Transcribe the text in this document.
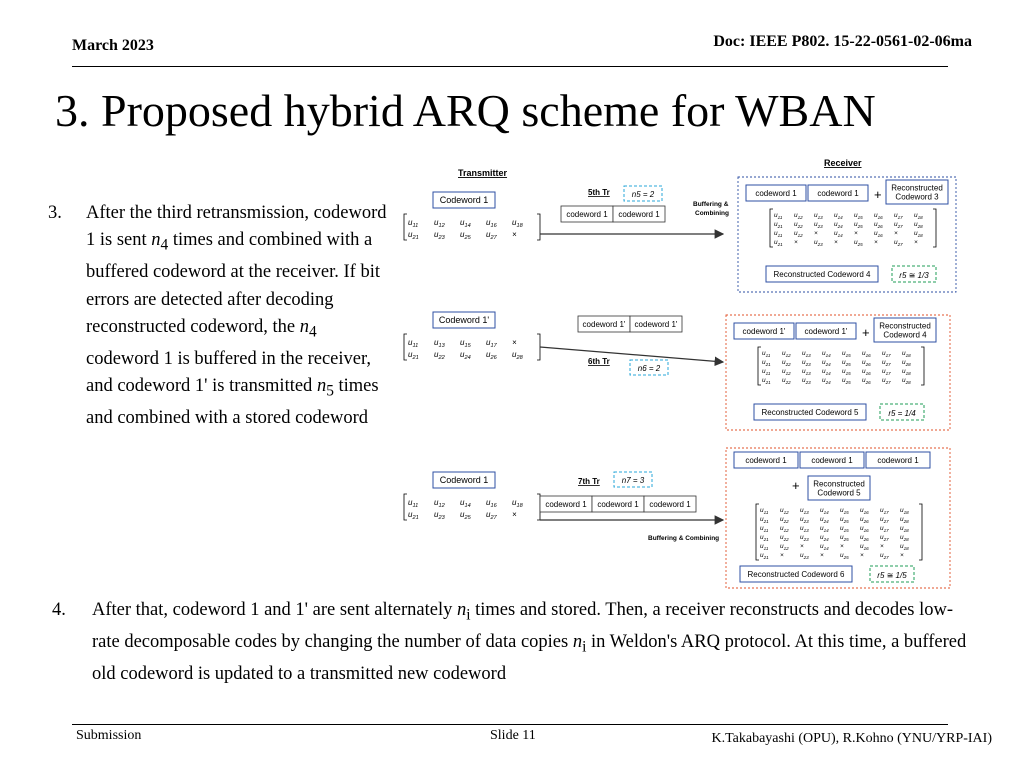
March 2023	Doc: IEEE P802. 15-22-0561-02-06ma
3. Proposed hybrid ARQ scheme for WBAN
3. After the third retransmission, codeword 1 is sent $n_4$ times and combined with a buffered codeword at the receiver. If bit errors are detected after decoding reconstructed codeword, the $n_4$ codeword 1 is buffered in the receiver, and codeword 1' is transmitted $n_5$ times and combined with a stored codeword
Transmitter
Receiver
Codeword 1
$u_{11}$ $u_{12}$ $u_{14}$ $u_{16}$ $u_{18}$
$u_{21}$ $u_{23}$ $u_{25}$ $u_{27}$ ×
codeword 1 codeword 1
5th Tr	n5 = 2
Buffering &
Combining
codeword 1	codeword 1 + Reconstructed
Codeword 3
$u_{11}$ $u_{12}$ $u_{13}$ $u_{14}$ $u_{15}$ $u_{16}$ $u_{17}$ $u_{18}$
$u_{21}$ $u_{22}$ $u_{23}$ $u_{24}$ $u_{25}$ $u_{26}$ $u_{27}$ $u_{28}$
$u_{11}$ $u_{12} \times u_{14} \times u_{16} \times u_{18}$
$u_{21} \times u_{23} \times u_{25} \times u_{27}$ ×
Reconstructed Codeword 4	r5 ≅ 1/3
Codeword 1'
$u_{11}$ $u_{13}$ $u_{15}$ $u_{17}$ ×
$u_{21}$ $u_{22}$ $u_{24}$ $u_{26}$ $u_{28}$
codeword 1' codeword 1'
6th Tr
n6 = 2
codeword 1' codeword 1' + Reconstructed
Codeword 4
$u_{11}$ $u_{12}$ $u_{13}$ $u_{14}$ $u_{15}$ $u_{16}$ $u_{17}$ $u_{18}$
$u_{21}$ $u_{22}$ $u_{23}$ $u_{24}$ $u_{25}$ $u_{26}$ $u_{27}$ $u_{28}$
$u_{11}$ $u_{12}$ $u_{13}$ $u_{14}$ $u_{15}$ $u_{16}$ $u_{17}$ $u_{18}$
$u_{21}$ $u_{22}$ $u_{23}$ $u_{24}$ $u_{25}$ $u_{26}$ $u_{27}$ $u_{28}$
Reconstructed Codeword 5	r5 = 1/4
Codeword 1
$u_{11}$ $u_{12}$ $u_{14}$ $u_{16}$ $u_{18}$
$u_{21}$ $u_{23}$ $u_{25}$ $u_{27}$ ×
codeword 1 codeword 1 codeword 1
7th Tr	n7 = 3
Buffering & Combining
codeword 1	codeword 1	codeword 1
+ Reconstructed
Codeword 5
$u_{11}$ $u_{12}$ $u_{13}$ $u_{14}$ $u_{15}$ $u_{16}$ $u_{17}$ $u_{18}$
$u_{21}$ $u_{22}$ $u_{23}$ $u_{24}$ $u_{25}$ $u_{26}$ $u_{27}$ $u_{28}$
$u_{11}$ $u_{12}$ $u_{13}$ $u_{14}$ $u_{15}$ $u_{16}$ $u_{17}$ $u_{18}$
$u_{21}$ $u_{22}$ $u_{23}$ $u_{24}$ $u_{25}$ $u_{26}$ $u_{27}$ $u_{28}$
$u_{11}$ $u_{12} \times u_{14} \times u_{16} \times u_{18}$
$u_{21} \times u_{23} \times u_{25} \times u_{27}$ ×
Reconstructed Codeword 6	r5 ≅ 1/5
4. After that, codeword 1 and 1' are sent alternately $n_i$ times and stored. Then, a receiver reconstructs and decodes low-rate decomposable codes by changing the number of data copies $n_i$ in Weldon's ARQ protocol. At this time, a buffered old codeword is updated to a transmitted new codeword
Submission	Slide 11	K.Takabayashi (OPU), R.Kohno (YNU/YRP-IAI)
